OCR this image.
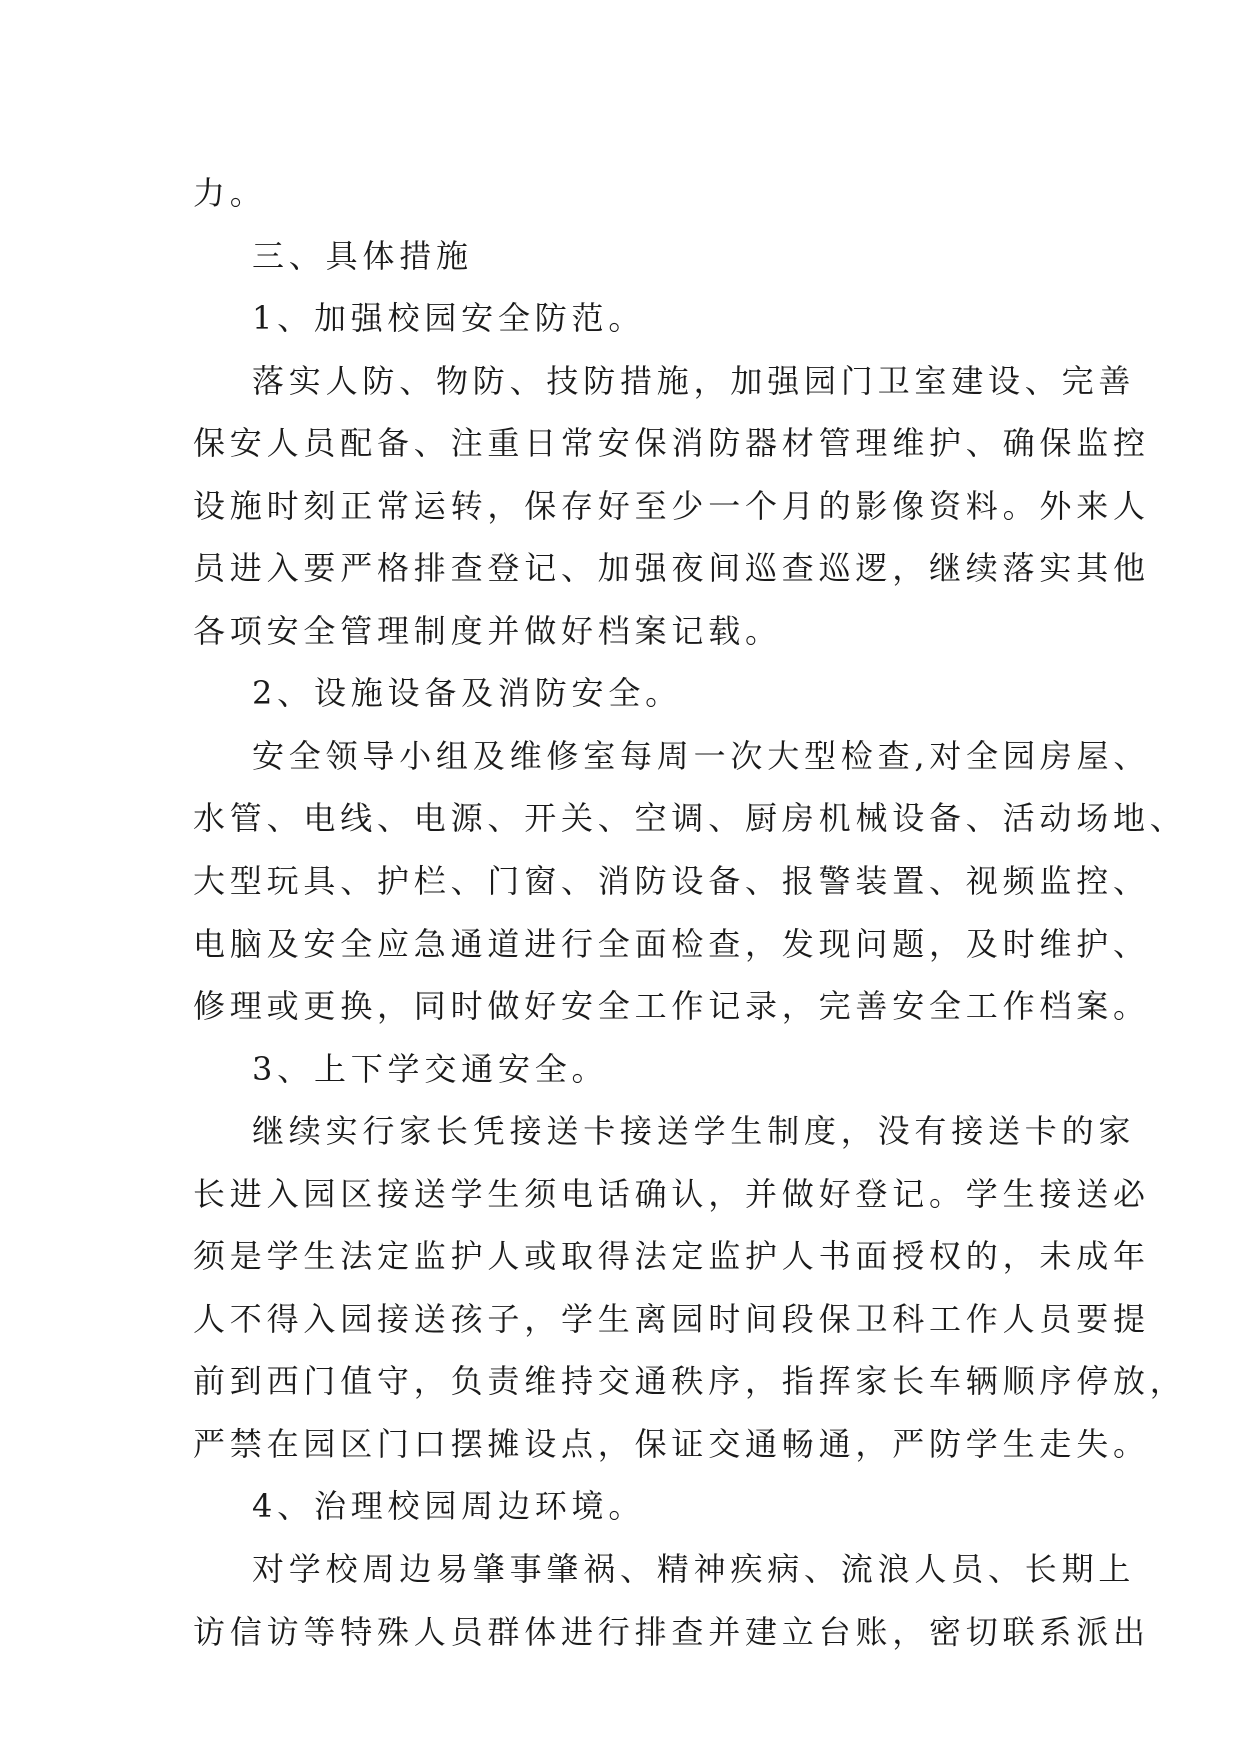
力。
三、具体措施
1、加强校园安全防范。
落实人防、物防、技防措施，加强园门卫室建设、完善
保安人员配备、注重日常安保消防器材管理维护、确保监控
设施时刻正常运转，保存好至少一个月的影像资料。外来人
员进入要严格排查登记、加强夜间巡查巡逻，继续落实其他
各项安全管理制度并做好档案记载。
2、设施设备及消防安全。
安全领导小组及维修室每周一次大型检查,对全园房屋、
水管、电线、电源、开关、空调、厨房机械设备、活动场地、
大型玩具、护栏、门窗、消防设备、报警装置、视频监控、
电脑及安全应急通道进行全面检查，发现问题，及时维护、
修理或更换，同时做好安全工作记录，完善安全工作档案。
3、上下学交通安全。
继续实行家长凭接送卡接送学生制度，没有接送卡的家
长进入园区接送学生须电话确认，并做好登记。学生接送必
须是学生法定监护人或取得法定监护人书面授权的，未成年
人不得入园接送孩子，学生离园时间段保卫科工作人员要提
前到西门值守，负责维持交通秩序，指挥家长车辆顺序停放，
严禁在园区门口摆摊设点，保证交通畅通，严防学生走失。
4、治理校园周边环境。
对学校周边易肇事肇祸、精神疾病、流浪人员、长期上
访信访等特殊人员群体进行排查并建立台账，密切联系派出
